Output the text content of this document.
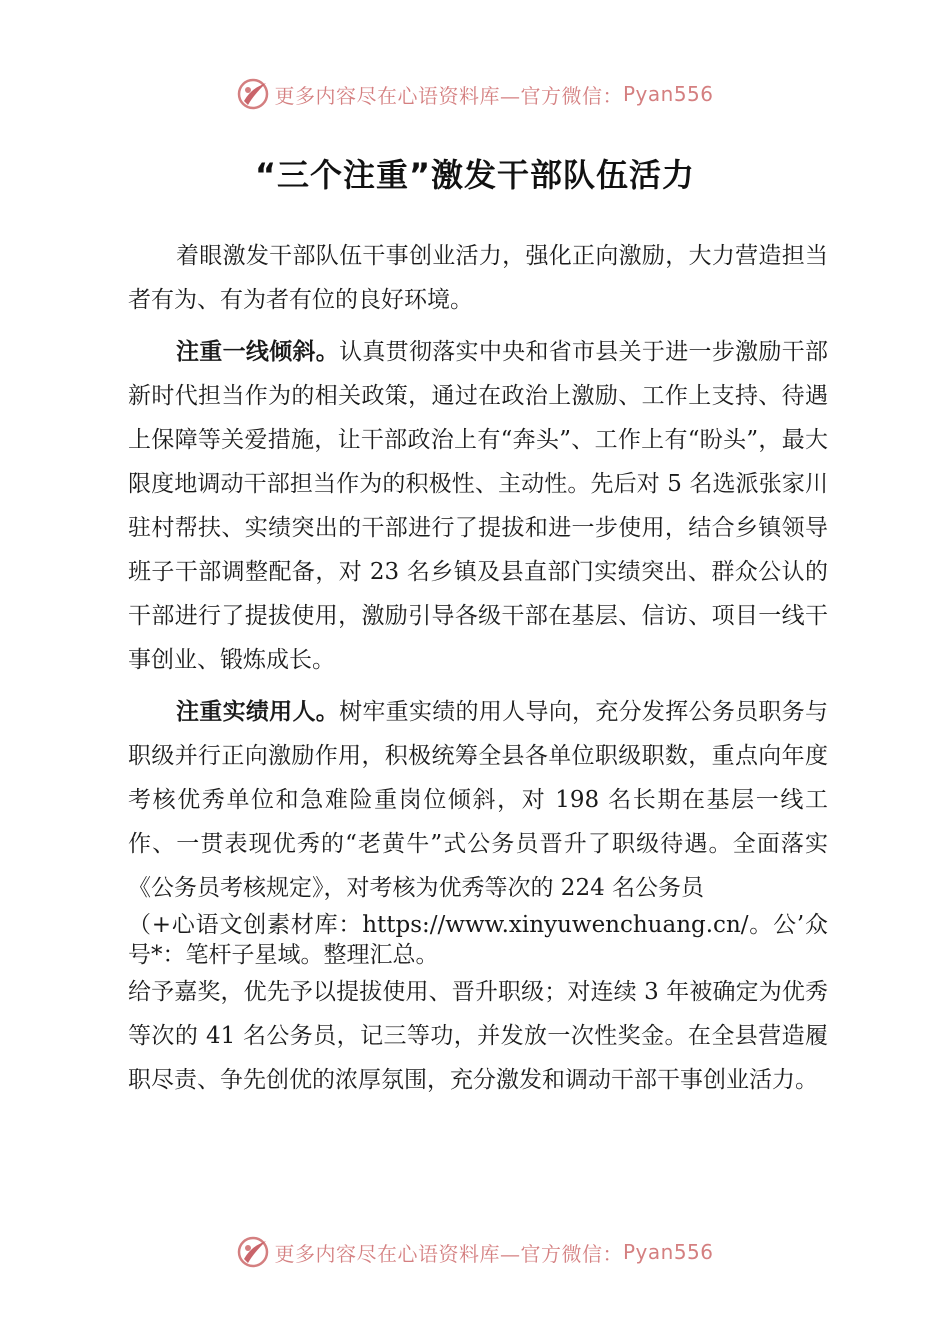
更多内容尽在心语资料库—官方微信： Pyan556
“三个注重”激发干部队伍活力

着眼激发干部队伍干事创业活力，强化正向激励，大力营造担当者有为、有为者有位的良好环境。

注重一线倾斜。认真贯彻落实中央和省市县关于进一步激励干部新时代担当作为的相关政策，通过在政治上激励、工作上支持、待遇上保障等关爱措施，让干部政治上有“奔头”、工作上有“盼头”，最大限度地调动干部担当作为的积极性、主动性。先后对 5 名选派张家川驻村帮扶、实绩突出的干部进行了提拔和进一步使用，结合乡镇领导班子干部调整配备，对 23 名乡镇及县直部门实绩突出、群众公认的干部进行了提拔使用，激励引导各级干部在基层、信访、项目一线干事创业、锻炼成长。

注重实绩用人。树牢重实绩的用人导向，充分发挥公务员职务与职级并行正向激励作用，积极统筹全县各单位职级职数，重点向年度考核优秀单位和急难险重岗位倾斜，对 198 名长期在基层一线工作、一贯表现优秀的“老黄牛”式公务员晋升了职级待遇。全面落实《公务员考核规定》，对考核为优秀等次的 224 名公务员
（+心语文创素材库：https://www.xinyuwenchuang.cn/。公’众号*：笔杆子星域。整理汇总。
给予嘉奖，优先予以提拔使用、晋升职级；对连续 3 年被确定为优秀等次的 41 名公务员，记三等功，并发放一次性奖金。在全县营造履职尽责、争先创优的浓厚氛围，充分激发和调动干部干事创业活力。

更多内容尽在心语资料库—官方微信： Pyan556
